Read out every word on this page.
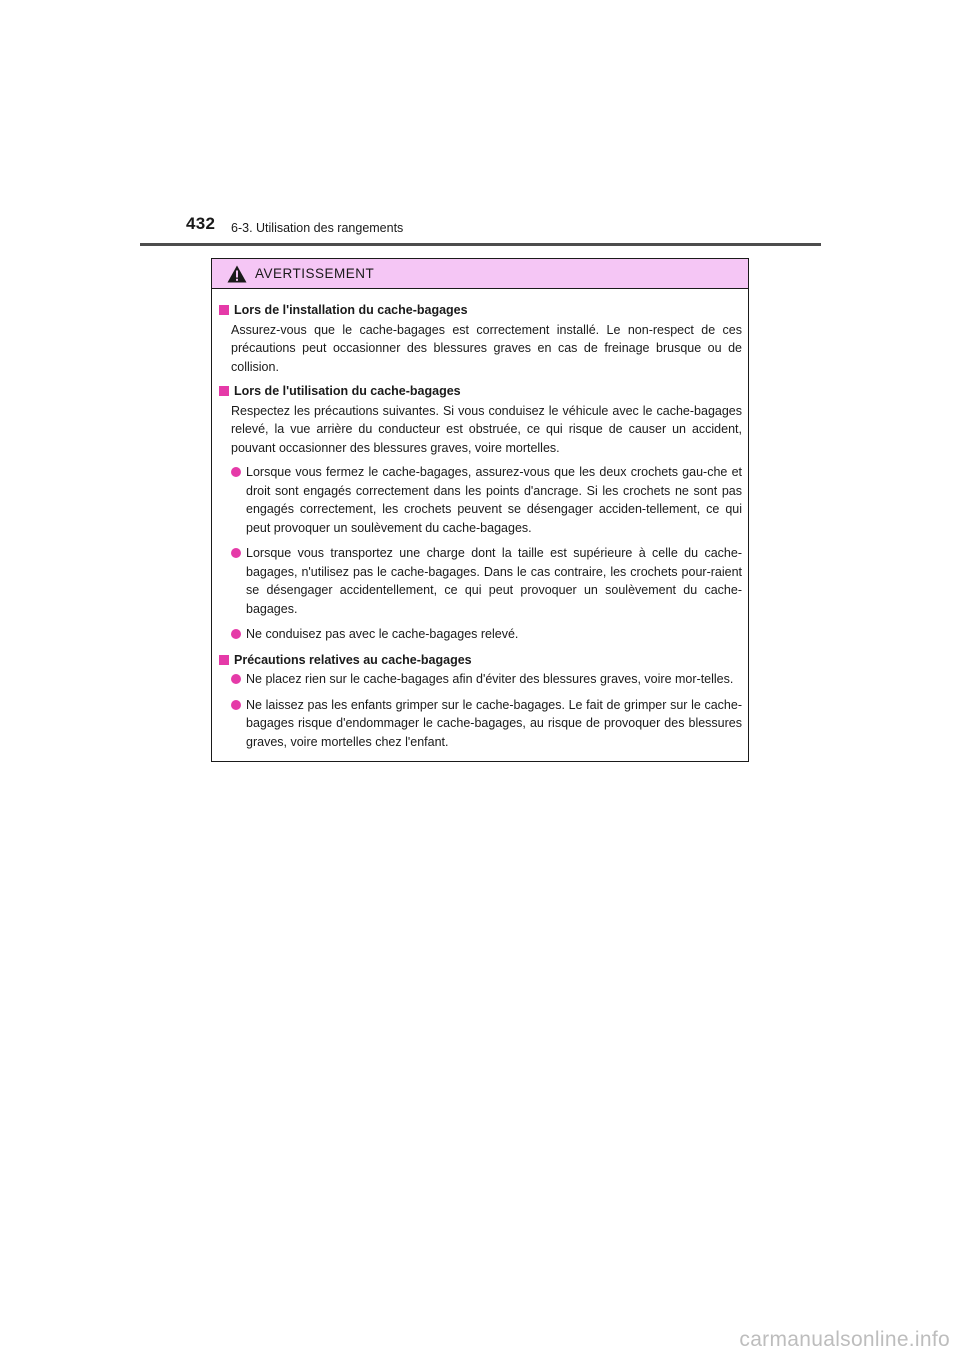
432 6-3. Utilisation des rangements
AVERTISSEMENT
Lors de l'installation du cache-bagages
Assurez-vous que le cache-bagages est correctement installé. Le non-respect de ces précautions peut occasionner des blessures graves en cas de freinage brusque ou de collision.
Lors de l'utilisation du cache-bagages
Respectez les précautions suivantes. Si vous conduisez le véhicule avec le cache-bagages relevé, la vue arrière du conducteur est obstruée, ce qui risque de causer un accident, pouvant occasionner des blessures graves, voire mortelles.
Lorsque vous fermez le cache-bagages, assurez-vous que les deux crochets gau-che et droit sont engagés correctement dans les points d'ancrage. Si les crochets ne sont pas engagés correctement, les crochets peuvent se désengager acciden-tellement, ce qui peut provoquer un soulèvement du cache-bagages.
Lorsque vous transportez une charge dont la taille est supérieure à celle du cache-bagages, n'utilisez pas le cache-bagages. Dans le cas contraire, les crochets pour-raient se désengager accidentellement, ce qui peut provoquer un soulèvement du cache-bagages.
Ne conduisez pas avec le cache-bagages relevé.
Précautions relatives au cache-bagages
Ne placez rien sur le cache-bagages afin d'éviter des blessures graves, voire mor-telles.
Ne laissez pas les enfants grimper sur le cache-bagages. Le fait de grimper sur le cache-bagages risque d'endommager le cache-bagages, au risque de provoquer des blessures graves, voire mortelles chez l'enfant.
carmanualsonline.info
